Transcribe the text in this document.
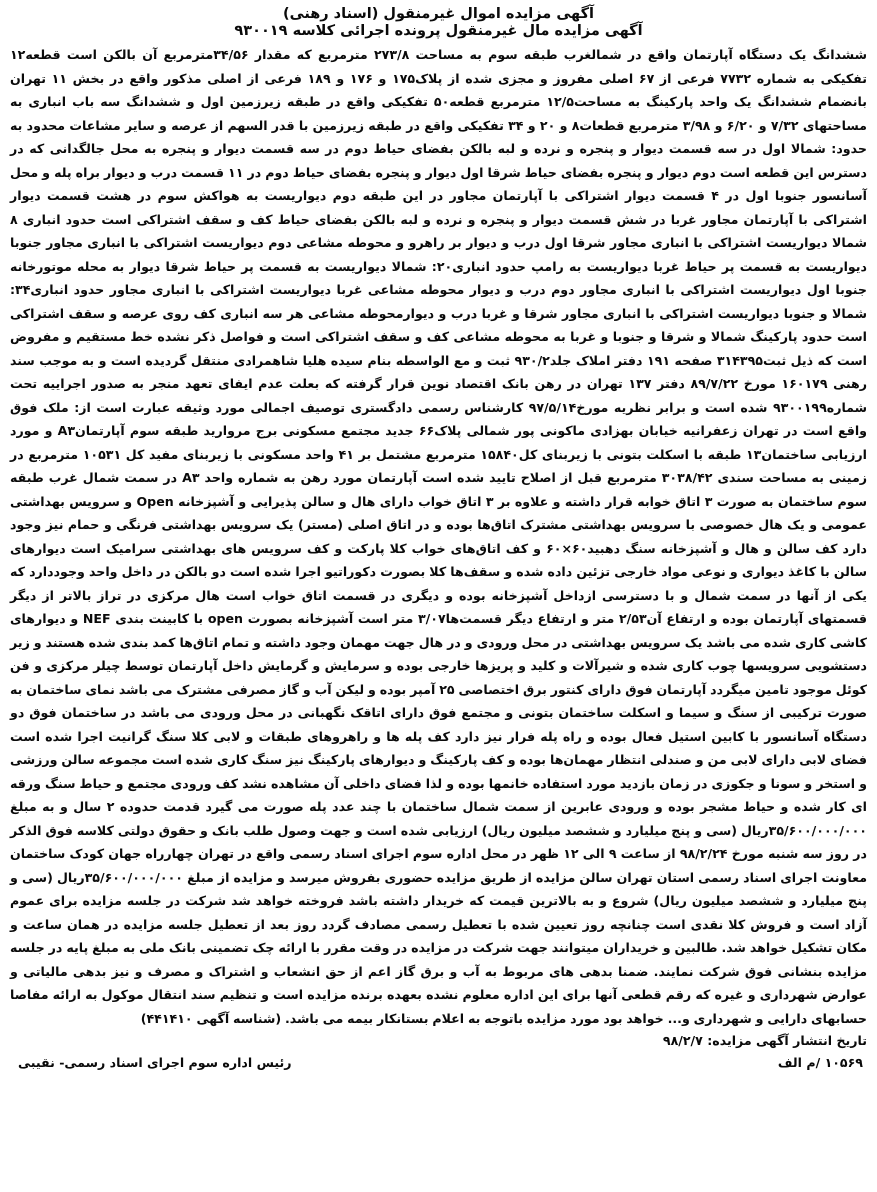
آگهی مزایده اموال غیرمنقول (اسناد رهنی)
آگهی مزایده مال غیرمنقول پرونده اجرائی کلاسه ۹۳۰۰۱۹

ششدانگ یک دستگاه آپارتمان واقع در شمالغرب طبقه سوم به مساحت ۲۷۳/۸ مترمربع که مقدار ۳۴/۵۶مترمربع آن بالکن است قطعه۱۲ تفکیکی به شماره ۷۷۳۲ فرعی از ۶۷ اصلی مفروز و مجزی شده از پلاک۱۷۵ و ۱۷۶ و ۱۸۹ فرعی از اصلی مذکور واقع در بخش ۱۱ تهران بانضمام ششدانگ یک واحد پارکینگ به مساحت۱۲/۵ مترمربع قطعه۵۰ تفکیکی واقع در طبقه زیرزمین اول و ششدانگ سه باب انباری به مساحتهای ۷/۳۲ و ۶/۲۰ و ۳/۹۸ مترمربع قطعات۸ و ۲۰ و ۳۴ تفکیکی واقع در طبقه زیرزمین با قدر السهم از عرصه و سایر مشاعات محدود به حدود: شمالا اول در سه قسمت دیوار و پنجره و نرده و لبه بالکن بفضای حیاط دوم در سه قسمت دیوار و پنجره به محل جالگدانی که در دسترس این قطعه است دوم دیوار و پنجره بفضای حیاط شرقا اول دیوار و پنجره بفضای حیاط دوم در ۱۱ قسمت درب و دیوار براه پله و محل آسانسور جنوبا اول در ۴ قسمت دیوار اشتراکی با آپارتمان مجاور در این طبقه دوم دیواریست به هواکش سوم در هشت قسمت دیوار اشتراکی با آپارتمان مجاور غربا در شش قسمت دیوار و پنجره و نرده و لبه بالکن بفضای حیاط کف و سقف اشتراکی است حدود انباری ۸ شمالا دیواریست اشتراکی با انباری مجاور شرقا اول درب و دیوار بر راهرو و محوطه مشاعی دوم دیواریست اشتراکی با انباری مجاور جنوبا دیواریست به قسمت پر حیاط غربا دیواریست به رامپ حدود انباری۲۰: شمالا دیواریست به قسمت پر حیاط شرقا دیوار به محله موتورخانه جنوبا اول دیواریست اشتراکی با انباری مجاور دوم درب و دیوار محوطه مشاعی غربا دیواریست اشتراکی با انباری مجاور حدود انباری۳۴: شمالا و جنوبا دیواریست اشتراکی با انباری مجاور شرقا و غربا درب و دیوارمحوطه مشاعی هر سه انباری کف روی عرصه و سقف اشتراکی است حدود پارکینگ شمالا و شرقا و جنوبا و غربا به محوطه مشاعی کف و سقف اشتراکی است و فواصل ذکر نشده خط مستقیم و مفروض است که ذیل ثبت۳۱۴۳۹۵ صفحه ۱۹۱ دفتر املاک جلد۹۳۰/۲ ثبت و مع الواسطه بنام سیده هلیا شاهمرادی منتقل گردیده است و به موجب سند رهنی ۱۶۰۱۷۹ مورخ ۸۹/۷/۲۲ دفتر ۱۳۷ تهران در رهن بانک اقتصاد نوین قرار گرفته که بعلت عدم ایفای تعهد منجر به صدور اجراییه تحت شماره۹۳۰۰۱۹۹ شده است و برابر نظریه مورخ۹۷/۵/۱۴ کارشناس رسمی دادگستری توصیف اجمالی مورد وثیقه عبارت است از: ملک فوق واقع است در تهران زعفرانیه خیابان بهزادی ماکونی پور شمالی پلاک۶۶ جدید مجتمع مسکونی برج مرواريد طبقه سوم آپارتمانA۳ و مورد ارزیابی ساختمان۱۳ طبقه با اسکلت بتونی با زیربنای کل۱۵۸۴۰ مترمربع مشتمل بر ۴۱ واحد مسکونی با زیربنای مفید کل ۱۰۵۳۱ مترمربع در زمینی به مساحت سندی ۳۰۳۸/۴۲ مترمربع قبل از اصلاح تایید شده است آپارتمان مورد رهن به شماره واحد A۳ در سمت شمال غرب طبقه سوم ساختمان به صورت ۳ اتاق خوابه قرار داشته و علاوه بر ۳ اتاق خواب دارای هال و سالن پذیرایی و آشپزخانه Open و سرویس بهداشتی عمومی و یک هال خصوصی با سرویس بهداشتی مشترک اتاق‌ها بوده و در اتاق اصلی (مستر) یک سرویس بهداشتی فرنگی و حمام نیز وجود دارد کف سالن و هال و آشپزخانه سنگ دهبید۶۰×۶۰ و کف اتاق‌های خواب کلا پارکت و کف سرویس های بهداشتی سرامیک است دیوارهای سالن با کاغذ دیواری و نوعی مواد خارجی تزئین داده شده و سقف‌ها کلا بصورت دکوراتیو اجرا شده است دو بالکن در داخل واحد وجوددارد که یکی از آنها در سمت شمال و با دسترسی ازداخل آشپزخانه بوده و دیگری در قسمت اتاق خواب است هال مرکزی در تراز بالاتر از دیگر قسمتهای آپارتمان بوده و ارتفاع آن۲/۵۳ متر و ارتفاع دیگر قسمت‌ها۳/۰۷ متر است آشپزخانه بصورت open با کابینت بندی NEF و دیوارهای کاشی کاری شده می باشد یک سرویس بهداشتی در محل ورودی و در هال جهت مهمان وجود داشته و تمام اتاق‌ها کمد بندی شده هستند و زیر دستشویی سرویسها چوب کاری شده و شیرآلات و کلید و پریزها خارجی بوده و سرمایش و گرمایش داخل آپارتمان توسط چیلر مرکزی و فن کوئل موجود تامین میگردد آپارتمان فوق دارای کنتور برق اختصاصی ۲۵ آمپر بوده و لیکن آب و گاز مصرفی مشترک می باشد نمای ساختمان به صورت ترکیبی از سنگ و سیما و اسکلت ساختمان بتونی و مجتمع فوق دارای اتاقک نگهبانی در محل ورودی می باشد در ساختمان فوق دو دستگاه آسانسور با کابین استیل فعال بوده و راه پله فرار نیز دارد کف پله ها و راهروهای طبقات و لابی کلا سنگ گرانیت اجرا شده است فضای لابی دارای لابی من و صندلی انتظار مهمان‌ها بوده و کف پارکینگ و دیوارهای پارکینگ نیز سنگ کاری شده است مجموعه سالن ورزشی و استخر و سونا و جکوزی در زمان بازدید مورد استفاده خانمها بوده و لذا فضای داخلی آن مشاهده نشد کف ورودی مجتمع و حیاط سنگ ورقه ای کار شده و حیاط مشجر بوده و ورودی عابرین از سمت شمال ساختمان با چند عدد پله صورت می گیرد قدمت حدوده ۲ سال و به مبلغ ۳۵/۶۰۰/۰۰۰/۰۰۰ریال (سی و پنج میلیارد و ششصد میلیون ریال) ارزیابی شده است و جهت وصول طلب بانک و حقوق دولتی کلاسه فوق الذکر در روز سه شنبه مورخ ۹۸/۲/۲۴ از ساعت ۹ الی ۱۲ ظهر در محل اداره سوم اجرای اسناد رسمی واقع در تهران چهارراه جهان کودک ساختمان معاونت اجرای اسناد رسمی استان تهران سالن مزایده از طریق مزایده حضوری بفروش میرسد و مزایده از مبلغ ۳۵/۶۰۰/۰۰۰/۰۰۰ریال (سی و پنج میلیارد و ششصد میلیون ریال) شروع و به بالاترین قیمت که خریدار داشته باشد فروخته خواهد شد شرکت در جلسه مزایده برای عموم آزاد است و فروش کلا نقدی است چنانچه روز تعیین شده با تعطیل رسمی مصادف گردد روز بعد از تعطیل جلسه مزایده در همان ساعت و مکان تشکیل خواهد شد. طالبین و خریداران میتوانند جهت شرکت در مزایده در وقت مقرر با ارائه چک تضمینی بانک ملی به مبلغ پایه در جلسه مزایده بنشانی فوق شرکت نمایند. ضمنا بدهی های مربوط به آب و برق گاز اعم از حق انشعاب و اشتراک و مصرف و نیز بدهی مالیاتی و عوارض شهرداری و غیره که رقم قطعی آنها برای این اداره معلوم نشده بعهده برنده مزایده است و تنظیم سند انتقال موکول به ارائه مفاصا حسابهای دارایی و شهرداری و... خواهد بود مورد مزایده باتوجه به اعلام بستانکار بیمه می باشد. (شناسه آگهی ۴۴۱۴۱۰)

تاریخ انتشار آگهی مزایده: ۹۸/۲/۷
۱۰۵۶۹ /م الف
رئیس اداره سوم اجرای اسناد رسمی- نقیبی
